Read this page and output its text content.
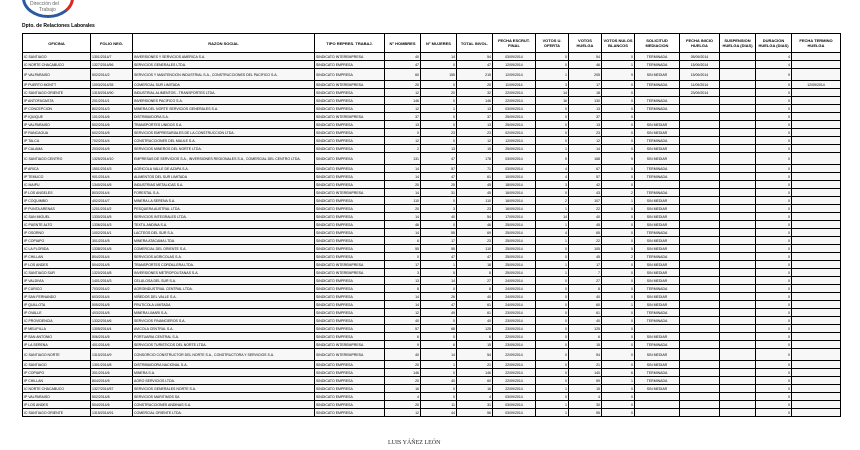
Dirección del
Trabajo
Dpto. de Relaciones Laborales
OFICINA	FOLIO NEG.	RAZON SOCIAL	TIPO REPRES. TRABAJ.	N° HOMBRES	N° MUJERES	TOTAL INVOL.	FECHA ESCRUT. FINAL	VOTOS U. OFERTA	VOTOS HUELGA	VOTOS NULOS BLANCOS	SOLICITUD MEDIACION	FECHA INICIO HUELGA	SUSPENSION HUELGA (DIAS)	DURACION HUELGA (DIAS)	FECHA TERMINO HUELGA
IC SANTIAGO	1301/2014/7	INVERSIONES Y SERVICIOS AMERICA S.A.	SINDICATO INTEREMPRESA	40	14	54	03/09/2014	0	54	0	TERMINADA	05/09/2014		4	
IC NORTE CHACABUCO	1327/2014/56	SERVICIOS GENERALES LTDA.	SINDICATO EMPRESA	47	0	47	12/09/2014	0	46	1	TERMINADA	15/09/2014		4	
IP VALPARAISO	502/2014/2	SERVICIOS Y MANTENCION INDUSTRIAL S.A., CONSTRUCCIONES DEL PACIFICO S.A.	SINDICATO EMPRESA	60	155	215	12/09/2014	1	205	9	SIN MEDIAR	15/09/2014		9	
IP PUERTO MONTT	1003/2014/35	COMERCIAL SUR LIMITADA	SINDICATO INTEREMPRESA	20	0	20	11/09/2014	3	17	0	TERMINADA	11/09/2014		0	12/09/2014
IC SANTIAGO ORIENTE	1315/2014/90	INDUSTRIAL ALIMENTOS - TRANSPORTES LTDA.	SINDICATO EMPRESA	12	20	32	22/09/2014	14	18	0		23/09/2014		0	
IP ANTOFAGASTA	201/2014/1	INVERSIONES PACIFICO S.A.	SINDICATO EMPRESA	146	0	146	22/09/2014	16	130	0	TERMINADA			0	
IP CONCEPCION	802/2014/3	MINERA DEL NORTE SERVICIOS GENERALES S.A.	SINDICATO EMPRESA	12	1	13	03/09/2014	0	13	0	TERMINADA			0	
IP IQUIQUE	101/2014/6	DISTRIBUIDORA S.A.	SINDICATO INTEREMPRESA	37	0	37	25/09/2014	0	37	0				0	
IP VALPARAISO	502/2014/6	TRANSPORTES UNIDOS S.A.	SINDICATO EMPRESA	13	0	13	25/09/2014	0	13	0	SIN MEDIAR			0	
IP RANCAGUA	602/2014/5	SERVICIOS EMPRESARIALES DE LA CONSTRUCCION LTDA.	SINDICATO EMPRESA	0	23	23	02/09/2014	0	23	0	SIN MEDIAR			0	
IP TALCA	702/2014/4	CONSTRUCCIONES DEL MAULE S.A.	SINDICATO EMPRESA	12	0	12	12/09/2014	0	12	0	TERMINADA			0	
IP CALAMA	203/2014/5	SERVICIOS MINEROS DEL NORTE LTDA.	SINDICATO EMPRESA	2	13	15	25/09/2014	1	14	0	SIN MEDIAR			0	
IC SANTIAGO CENTRO	1325/2014/10	EMPRESAS DE SERVICIOS S.A., INVERSIONES REGIONALES S.A., COMERCIAL DEL CENTRO LTDA.	SINDICATO EMPRESA	131	47	178	03/09/2014	5	168	5	SIN MEDIAR			0	
IP ARICA	1501/2014/3	AGRICOLA VALLE DE AZAPA S.A.	SINDICATO EMPRESA	14	57	71	03/09/2014	4	67	0	TERMINADA			0	
IP TEMUCO	901/2014/4	ALIMENTOS DEL SUR LIMITADA	SINDICATO EMPRESA	14	47	61	10/09/2014	4	57	0	TERMINADA			0	
IC MAIPU	1340/2014/5	INDUSTRIAS METALICAS S.A.	SINDICATO EMPRESA	20	25	45	18/09/2014	3	42	0				0	
IP LOS ANGELES	803/2014/4	FORESTAL S.A.	SINDICATO INTEREMPRESA	14	31	45	16/09/2014	0	43	2	TERMINADA			0	
IP COQUIMBO	402/2014/7	MINERA LA SERENA S.A.	SINDICATO EMPRESA	110	0	110	16/09/2014	2	107	1	SIN MEDIAR			0	
IP PUNTA ARENAS	1201/2014/2	PESQUERA AUSTRAL LTDA.	SINDICATO EMPRESA	20	3	23	16/09/2014	1	22	0	SIN MEDIAR			0	
IC SAN MIGUEL	1330/2014/5	SERVICIOS INTEGRALES LTDA.	SINDICATO EMPRESA	14	40	54	17/09/2014	14	40	0	SIN MEDIAR			0	
IC PUENTE ALTO	1336/2014/3	TEXTIL ANDINA S.A.	SINDICATO EMPRESA	46	0	46	25/09/2014	1	45	0	SIN MEDIAR			0	
IP OSORNO	1002/2014/1	LACTEOS DEL SUR S.A.	SINDICATO EMPRESA	14	55	69	25/09/2014	4	65	0	TERMINADA			0	
IP COPIAPO	301/2014/5	MINERA ATACAMA LTDA.	SINDICATO EMPRESA	6	17	23	25/09/2014	1	22	0	SIN MEDIAR			0	
IC LA FLORIDA	1338/2014/5	COMERCIAL DEL ORIENTE S.A.	SINDICATO EMPRESA	55	55	110	25/09/2014	0	105	5	SIN MEDIAR			0	
IP CHILLAN	804/2014/4	SERVICIOS AGRICOLAS S.A.	SINDICATO EMPRESA	0	47	47	25/09/2014	0	45	2	TERMINADA			0	
IP LOS ANDES	504/2014/5	TRANSPORTES CORDILLERA LTDA.	SINDICATO INTEREMPRESA	17	1	18	25/09/2014	1	17	0	SIN MEDIAR			0	
IC SANTIAGO SUR	1320/2014/8	INVERSIONES METROPOLITANAS S.A.	SINDICATO INTEREMPRESA	3	5	8	25/09/2014	1	7	0	SIN MEDIAR			0	
IP VALDIVIA	1401/2014/3	CELULOSA DEL SUR S.A.	SINDICATO EMPRESA	13	14	27	24/09/2014	0	27	0	SIN MEDIAR			0	
IP CURICO	703/2014/2	AGROINDUSTRIAL CENTRAL LTDA.	SINDICATO EMPRESA	8	0	8	24/09/2014	0	8	0	TERMINADA			0	
IP SAN FERNANDO	603/2014/4	VIÑEDOS DEL VALLE S.A.	SINDICATO EMPRESA	14	26	40	24/09/2014	0	40	0	SIN MEDIAR			0	
IP QUILLOTA	505/2014/5	FRUTICOLA LIMITADA	SINDICATO EMPRESA	14	47	61	24/09/2014	0	60	1	SIN MEDIAR			0	
IP OVALLE	403/2014/5	MINERA LIMARI S.A.	SINDICATO EMPRESA	12	49	61	23/09/2014	0	61	0	TERMINADA			0	
IC PROVIDENCIA	1332/2014/6	SERVICIOS FINANCIEROS S.A.	SINDICATO EMPRESA	40	0	40	23/09/2014	0	40	0	TERMINADA			0	
IP MELIPILLA	1305/2014/4	AVICOLA CENTRAL S.A.	SINDICATO EMPRESA	57	68	125	23/09/2014	0	125	0				0	
IP SAN ANTONIO	506/2014/5	PORTUARIA CENTRAL S.A.	SINDICATO EMPRESA	6	0	6	22/09/2014	0	6	0	SIN MEDIAR			0	
IP LA SERENA	401/2014/6	SERVICIOS TURISTICOS DEL NORTE LTDA.	SINDICATO INTEREMPRESA	9	6	15	23/09/2014	0	15	0	TERMINADA			0	
IC SANTIAGO NORTE	1310/2014/9	CONSORCIO CONSTRUCTOR DEL NORTE S.A., CONSTRUCTORA Y SERVICIOS S.A.	SINDICATO INTEREMPRESA	40	14	54	22/09/2014	0	54	0	SIN MEDIAR			0	
IC SANTIAGO	1301/2014/8	DISTRIBUIDORA NACIONAL S.A.	SINDICATO EMPRESA	20	1	21	22/09/2014	0	21	0	SIN MEDIAR			0	
IP COPIAPO	301/2014/6	MINERA S.A.	SINDICATO EMPRESA	146	0	146	22/09/2014	0	140	6	TERMINADA			0	
IP CHILLAN	804/2014/5	AGRO SERVICIOS LTDA.	SINDICATO EMPRESA	20	40	60	22/09/2014	0	59	1	TERMINADA			0	
IC NORTE CHACABUCO	1327/2014/57	SERVICIOS GENERALES NORTE S.A.	SINDICATO EMPRESA	16	0	16	22/09/2014	1	15	0	SIN MEDIAR			0	
IP VALPARAISO	502/2014/8	SERVICIOS MARITIMOS SA	SINDICATO EMPRESA	4	0	4	03/09/2014	0	4	0				0	
IP LOS ANDES	504/2014/6	CONSTRUCCIONES ANDINAS S.A.	SINDICATO EMPRESA	20	11	31	03/09/2014	1	30	0				0	
IC SANTIAGO ORIENTE	1315/2014/91	COMERCIAL ORIENTE LTDA.	SINDICATO EMPRESA	12	44	56	03/09/2014	1	55	0				0	
LUIS YÁÑEZ LEÓN
